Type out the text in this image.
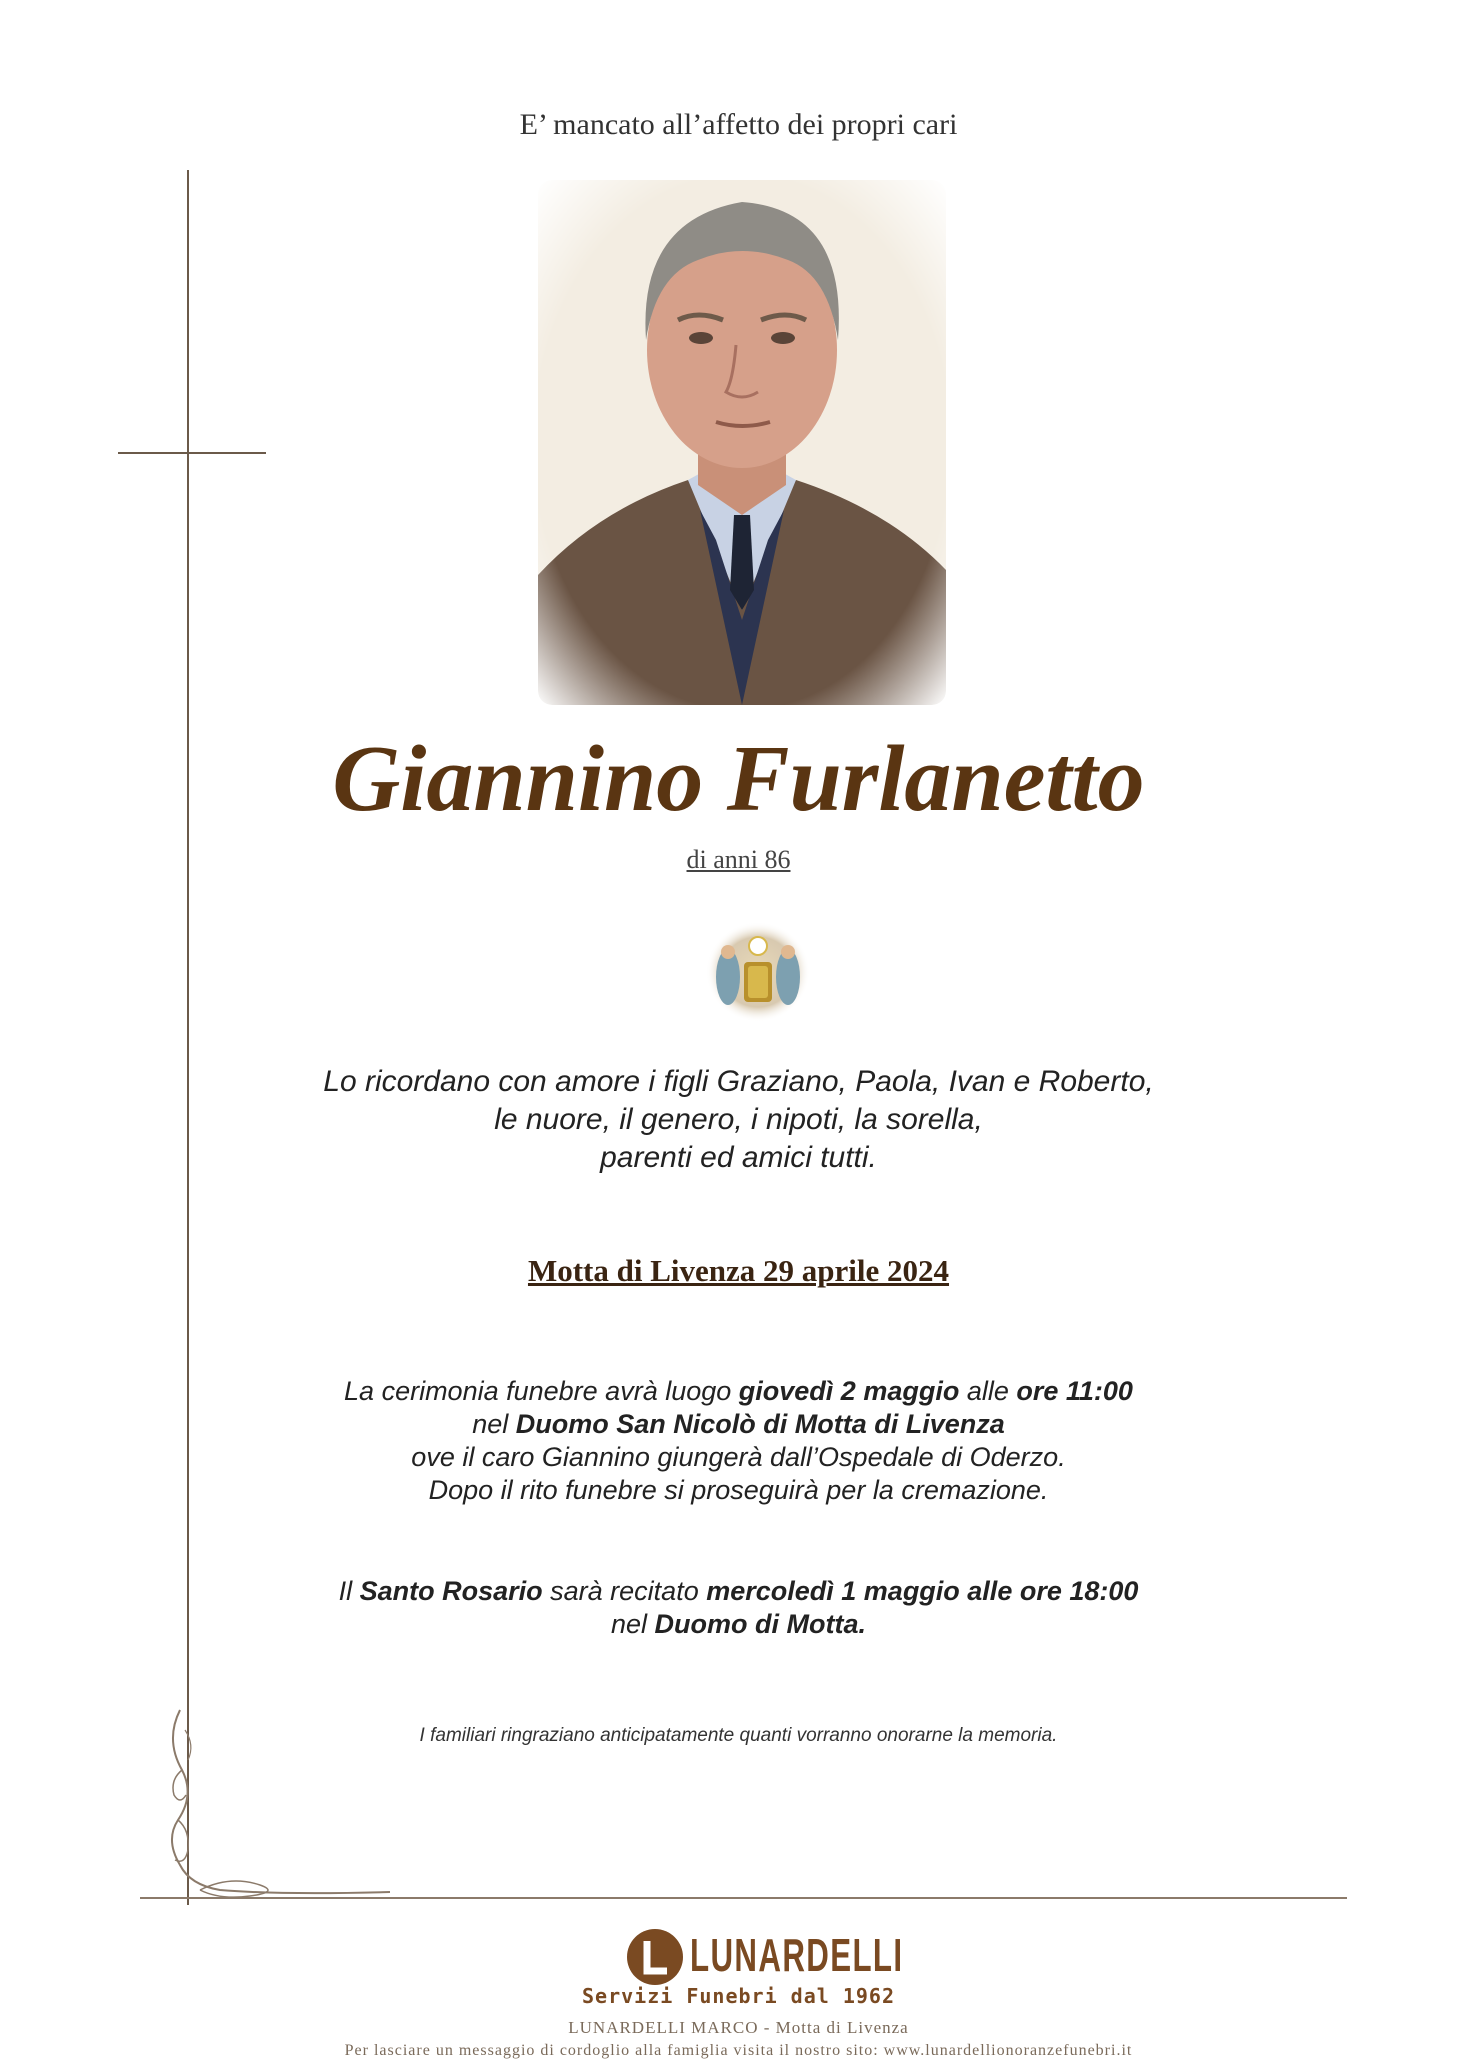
E’ mancato all’affetto dei propri cari
Giannino Furlanetto
di anni 86
Lo ricordano con amore i figli Graziano, Paola, Ivan e Roberto,
le nuore, il genero, i nipoti, la sorella,
parenti ed amici tutti.
Motta di Livenza 29 aprile 2024
La cerimonia funebre avrà luogo giovedì 2 maggio alle ore 11:00
nel Duomo San Nicolò di Motta di Livenza
ove il caro Giannino giungerà dall’Ospedale di Oderzo.
Dopo il rito funebre si proseguirà per la cremazione.
Il Santo Rosario sarà recitato mercoledì 1 maggio alle ore 18:00
nel Duomo di Motta.
I familiari ringraziano anticipatamente quanti vorranno onorarne la memoria.
LUNARDELLI
Servizi Funebri dal 1962
LUNARDELLI MARCO - Motta di Livenza
Per lasciare un messaggio di cordoglio alla famiglia visita il nostro sito: www.lunardellionoranzefunebri.it
